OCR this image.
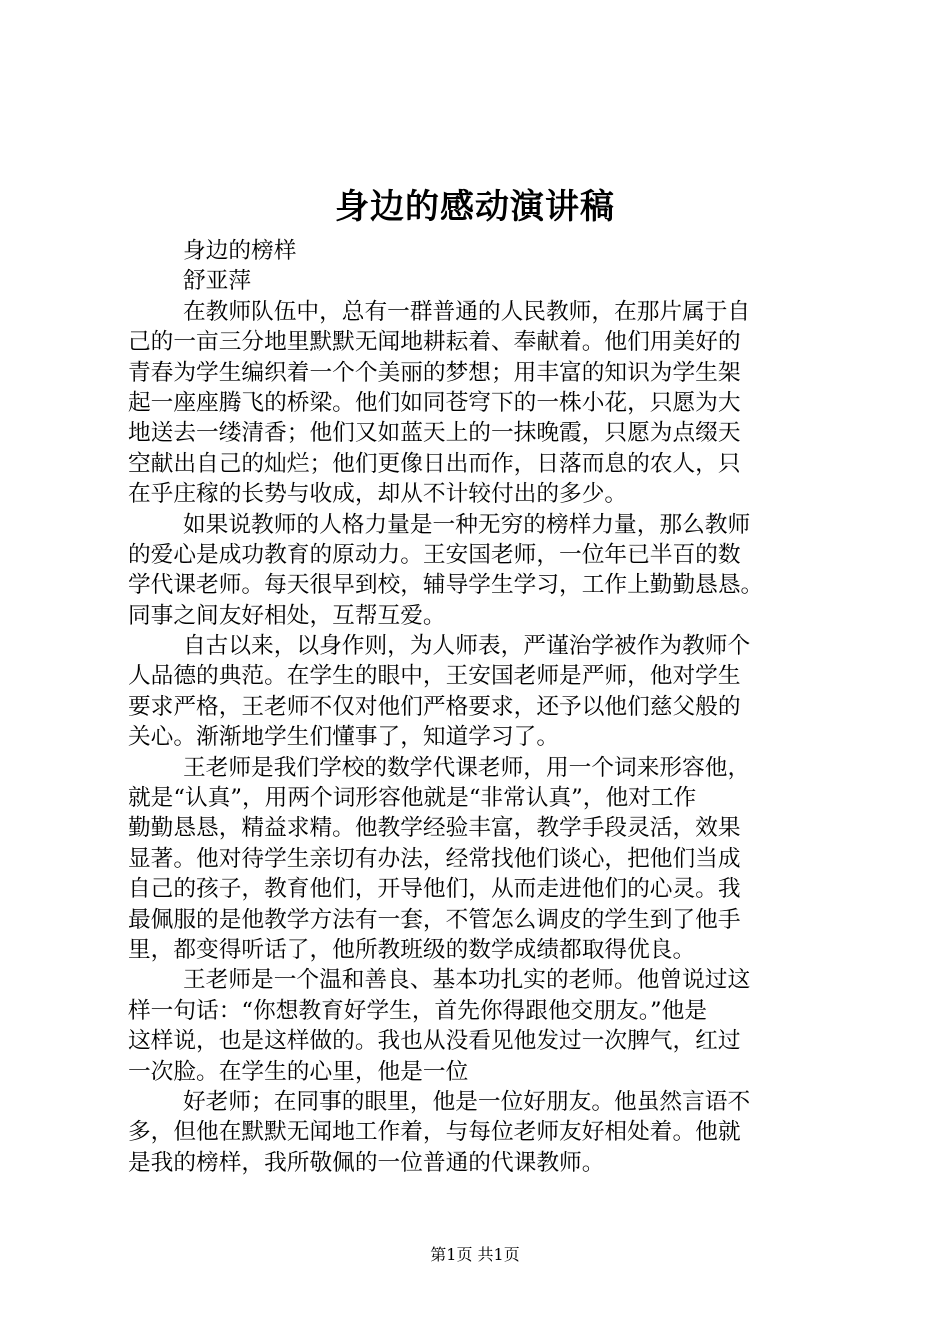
身边的感动演讲稿
身边的榜样
舒亚萍
在教师队伍中，总有一群普通的人民教师，在那片属于自
己的一亩三分地里默默无闻地耕耘着、奉献着。他们用美好的
青春为学生编织着一个个美丽的梦想；用丰富的知识为学生架
起一座座腾飞的桥梁。他们如同苍穹下的一株小花，只愿为大
地送去一缕清香；他们又如蓝天上的一抹晚霞，只愿为点缀天
空献出自己的灿烂；他们更像日出而作，日落而息的农人，只
在乎庄稼的长势与收成，却从不计较付出的多少。
如果说教师的人格力量是一种无穷的榜样力量，那么教师
的爱心是成功教育的原动力。王安国老师，一位年已半百的数
学代课老师。每天很早到校，辅导学生学习，工作上勤勤恳恳。
同事之间友好相处，互帮互爱。
自古以来，以身作则，为人师表，严谨治学被作为教师个
人品德的典范。在学生的眼中，王安国老师是严师，他对学生
要求严格，王老师不仅对他们严格要求，还予以他们慈父般的
关心。渐渐地学生们懂事了，知道学习了。
王老师是我们学校的数学代课老师，用一个词来形容他，
就是“认真”，用两个词形容他就是“非常认真”，他对工作
勤勤恳恳，精益求精。他教学经验丰富，教学手段灵活，效果
显著。他对待学生亲切有办法，经常找他们谈心，把他们当成
自己的孩子，教育他们，开导他们，从而走进他们的心灵。我
最佩服的是他教学方法有一套，不管怎么调皮的学生到了他手
里，都变得听话了，他所教班级的数学成绩都取得优良。
王老师是一个温和善良、基本功扎实的老师。他曾说过这
样一句话：“你想教育好学生，首先你得跟他交朋友。”他是
这样说，也是这样做的。我也从没看见他发过一次脾气，红过
一次脸。在学生的心里，他是一位
好老师；在同事的眼里，他是一位好朋友。他虽然言语不
多，但他在默默无闻地工作着，与每位老师友好相处着。他就
是我的榜样，我所敬佩的一位普通的代课教师。
第1页 共1页
